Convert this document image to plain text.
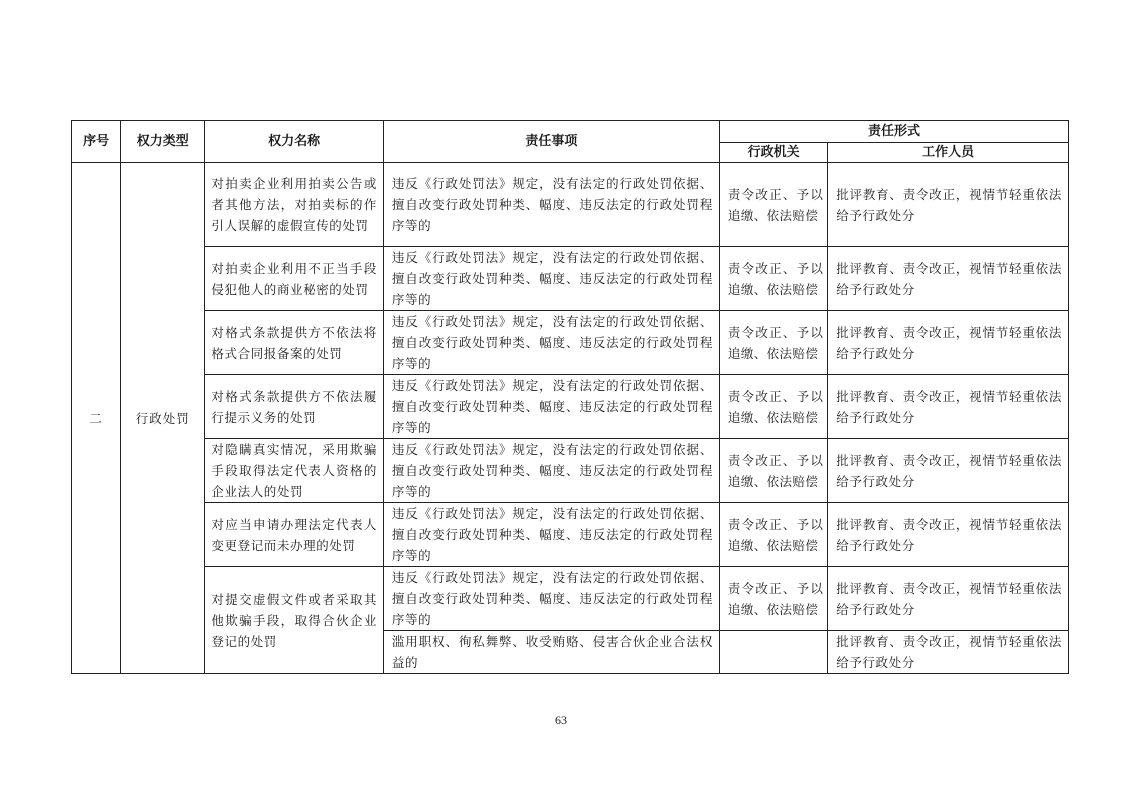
序号	权力类型	权力名称	责任事项	责任形式	
				行政机关	工作人员
二	行政处罚	对拍卖企业利用拍卖公告或者其他方法，对拍卖标的作引人误解的虚假宣传的处罚	违反《行政处罚法》规定，没有法定的行政处罚依据、擅自改变行政处罚种类、幅度、违反法定的行政处罚程序等的	责令改正、予以追缴、依法赔偿	批评教育、责令改正，视情节轻重依法给予行政处分
		对拍卖企业利用不正当手段侵犯他人的商业秘密的处罚	违反《行政处罚法》规定，没有法定的行政处罚依据、擅自改变行政处罚种类、幅度、违反法定的行政处罚程序等的	责令改正、予以追缴、依法赔偿	批评教育、责令改正，视情节轻重依法给予行政处分
		对格式条款提供方不依法将格式合同报备案的处罚	违反《行政处罚法》规定，没有法定的行政处罚依据、擅自改变行政处罚种类、幅度、违反法定的行政处罚程序等的	责令改正、予以追缴、依法赔偿	批评教育、责令改正，视情节轻重依法给予行政处分
		对格式条款提供方不依法履行提示义务的处罚	违反《行政处罚法》规定，没有法定的行政处罚依据、擅自改变行政处罚种类、幅度、违反法定的行政处罚程序等的	责令改正、予以追缴、依法赔偿	批评教育、责令改正，视情节轻重依法给予行政处分
		对隐瞒真实情况，采用欺骗手段取得法定代表人资格的企业法人的处罚	违反《行政处罚法》规定，没有法定的行政处罚依据、擅自改变行政处罚种类、幅度、违反法定的行政处罚程序等的	责令改正、予以追缴、依法赔偿	批评教育、责令改正，视情节轻重依法给予行政处分
		对应当申请办理法定代表人变更登记而未办理的处罚	违反《行政处罚法》规定，没有法定的行政处罚依据、擅自改变行政处罚种类、幅度、违反法定的行政处罚程序等的	责令改正、予以追缴、依法赔偿	批评教育、责令改正，视情节轻重依法给予行政处分
		对提交虚假文件或者采取其他欺骗手段，取得合伙企业登记的处罚	违反《行政处罚法》规定，没有法定的行政处罚依据、擅自改变行政处罚种类、幅度、违反法定的行政处罚程序等的	责令改正、予以追缴、依法赔偿	批评教育、责令改正，视情节轻重依法给予行政处分
			滥用职权、徇私舞弊、收受贿赂、侵害合伙企业合法权益的		批评教育、责令改正，视情节轻重依法给予行政处分
63
